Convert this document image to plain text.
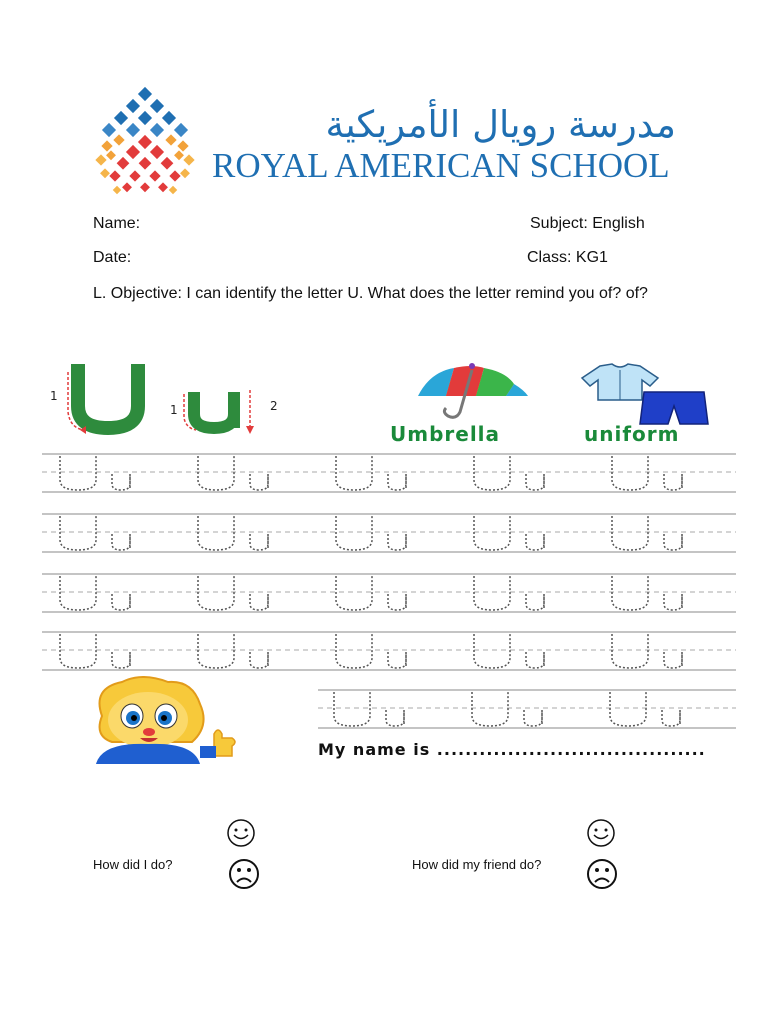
مدرسة رويال الأمريكية
ROYAL AMERICAN SCHOOL
Name:	Subject: English
Date:	Class: KG1
L. Objective: I can identify the letter U. What does the letter remind you of? of?
1
1	2
Umbrella	uniform
My name is ......................................
How did I do?	How did my friend do?
